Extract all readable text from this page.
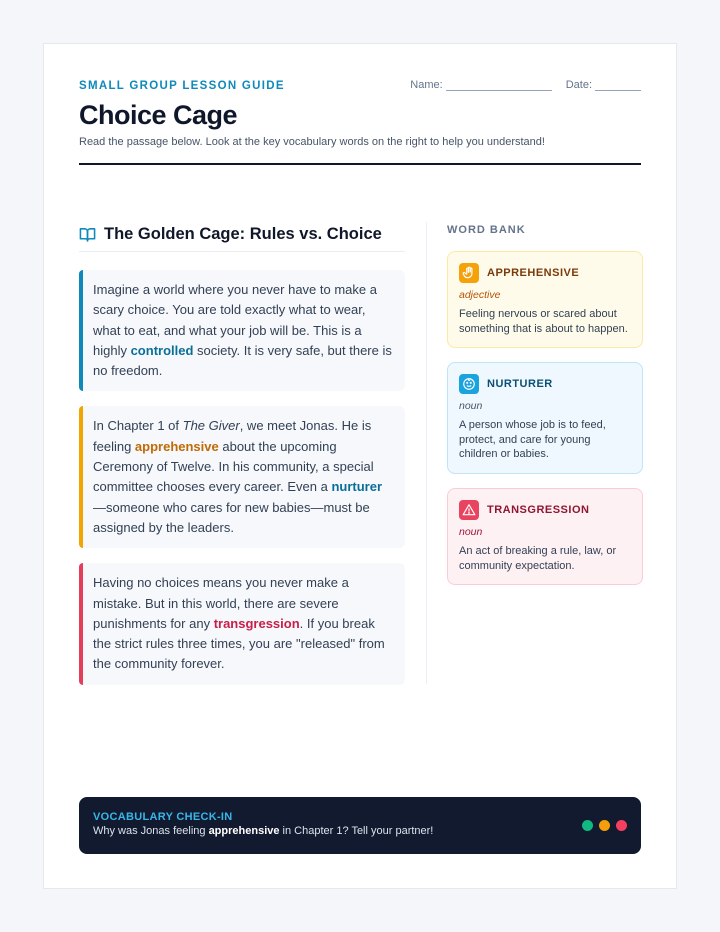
SMALL GROUP LESSON GUIDE	Name:	Date:
Choice Cage
Read the passage below. Look at the key vocabulary words on the right to help you understand!
The Golden Cage: Rules vs. Choice
Imagine a world where you never have to make a scary choice. You are told exactly what to wear, what to eat, and what your job will be. This is a highly controlled society. It is very safe, but there is no freedom.
In Chapter 1 of The Giver, we meet Jonas. He is feeling apprehensive about the upcoming Ceremony of Twelve. In his community, a special committee chooses every career. Even a nurturer—someone who cares for new babies—must be assigned by the leaders.
Having no choices means you never make a mistake. But in this world, there are severe punishments for any transgression. If you break the strict rules three times, you are "released" from the community forever.
WORD BANK
APPREHENSIVE
adjective
Feeling nervous or scared about something that is about to happen.
NURTURER
noun
A person whose job is to feed, protect, and care for young children or babies.
TRANSGRESSION
noun
An act of breaking a rule, law, or community expectation.
VOCABULARY CHECK-IN
Why was Jonas feeling apprehensive in Chapter 1? Tell your partner!
